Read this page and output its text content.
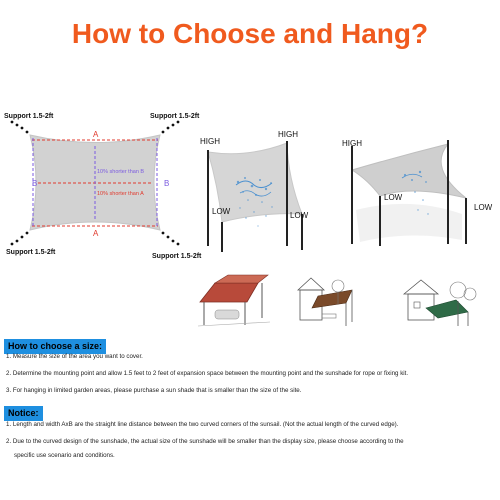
How to Choose and Hang?
Support 1.5-2ft	Support 1.5-2ft
Support 1.5-2ft
Support 1.5-2ft
A
A
B	B
10% shorter than B
10% shorter than A
HIGH
HIGH
LOW	LOW
HIGH
LOW
LOW
How to choose a size:
1. Measure the size of the area you want to cover.
2. Determine the mounting point and allow 1.5 feet to 2 feet of expansion space between the mounting point and the sunshade for rope or fixing kit.
3. For hanging in limited garden areas, please purchase a sun shade that is smaller than the size of the site.
Notice:
1. Length and width AxB are the straight line distance between the two curved corners of the sunsail. (Not the actual length of the curved edge).
2. Due to the curved design of the sunshade, the actual size of the sunshade will be smaller than the display size, please choose according to the
specific use scenario and conditions.
